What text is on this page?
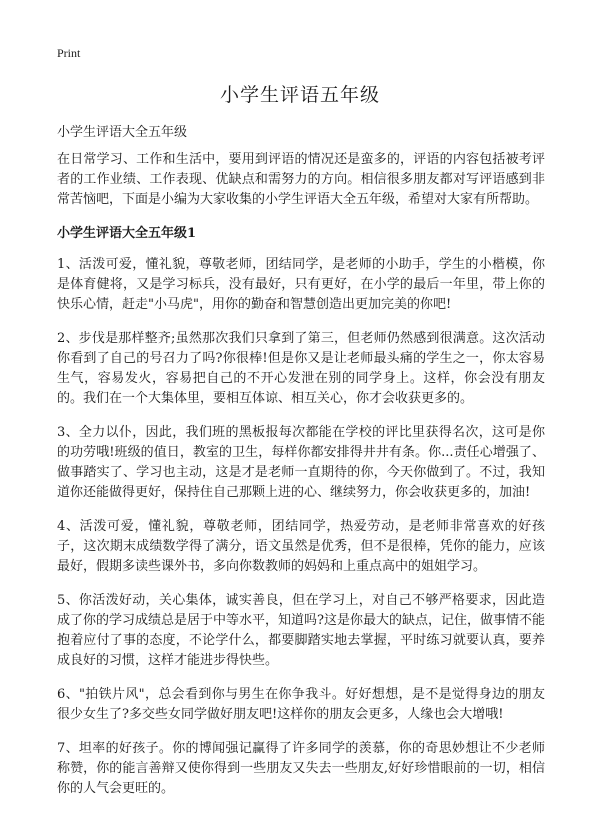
Print
小学生评语五年级

小学生评语大全五年级

在日常学习、工作和生活中，要用到评语的情况还是蛮多的，评语的内容包括被考评者的工作业绩、工作表现、优缺点和需努力的方向。相信很多朋友都对写评语感到非常苦恼吧，下面是小编为大家收集的小学生评语大全五年级，希望对大家有所帮助。

小学生评语大全五年级1

1、活泼可爱，懂礼貌，尊敬老师，团结同学，是老师的小助手，学生的小楷模，你是体育健将，又是学习标兵，没有最好，只有更好，在小学的最后一年里，带上你的快乐心情，赶走"小马虎"，用你的勤奋和智慧创造出更加完美的你吧!

2、步伐是那样整齐;虽然那次我们只拿到了第三，但老师仍然感到很满意。这次活动你看到了自己的号召力了吗?你很棒!但是你又是让老师最头痛的学生之一，你太容易生气，容易发火，容易把自己的不开心发泄在别的同学身上。这样，你会没有朋友的。我们在一个大集体里，要相互体谅、相互关心，你才会收获更多的。

3、全力以仆，因此，我们班的黑板报每次都能在学校的评比里获得名次，这可是你的功劳哦!班级的值日，教室的卫生，每样你都安排得井井有条。你...责任心增强了、做事踏实了、学习也主动，这是才是老师一直期待的你，今天你做到了。不过，我知道你还能做得更好，保持住自己那颗上进的心、继续努力，你会收获更多的，加油!

4、活泼可爱，懂礼貌，尊敬老师，团结同学，热爱劳动，是老师非常喜欢的好孩子，这次期末成绩数学得了满分，语文虽然是优秀，但不是很棒，凭你的能力，应该最好，假期多读些课外书，多向你数教师的妈妈和上重点高中的姐姐学习。

5、你活泼好动，关心集体，诚实善良，但在学习上，对自己不够严格要求，因此造成了你的学习成绩总是居于中等水平，知道吗?这是你最大的缺点，记住，做事情不能抱着应付了事的态度，不论学什么，都要脚踏实地去掌握，平时练习就要认真，要养成良好的习惯，这样才能进步得快些。

6、"拍铁片风"，总会看到你与男生在你争我斗。好好想想，是不是觉得身边的朋友很少女生了?多交些女同学做好朋友吧!这样你的朋友会更多，人缘也会大增哦!

7、坦率的好孩子。你的博闻强记赢得了许多同学的羡慕，你的奇思妙想让不少老师称赞，你的能言善辩又使你得到一些朋友又失去一些朋友,好好珍惜眼前的一切，相信你的人气会更旺的。
